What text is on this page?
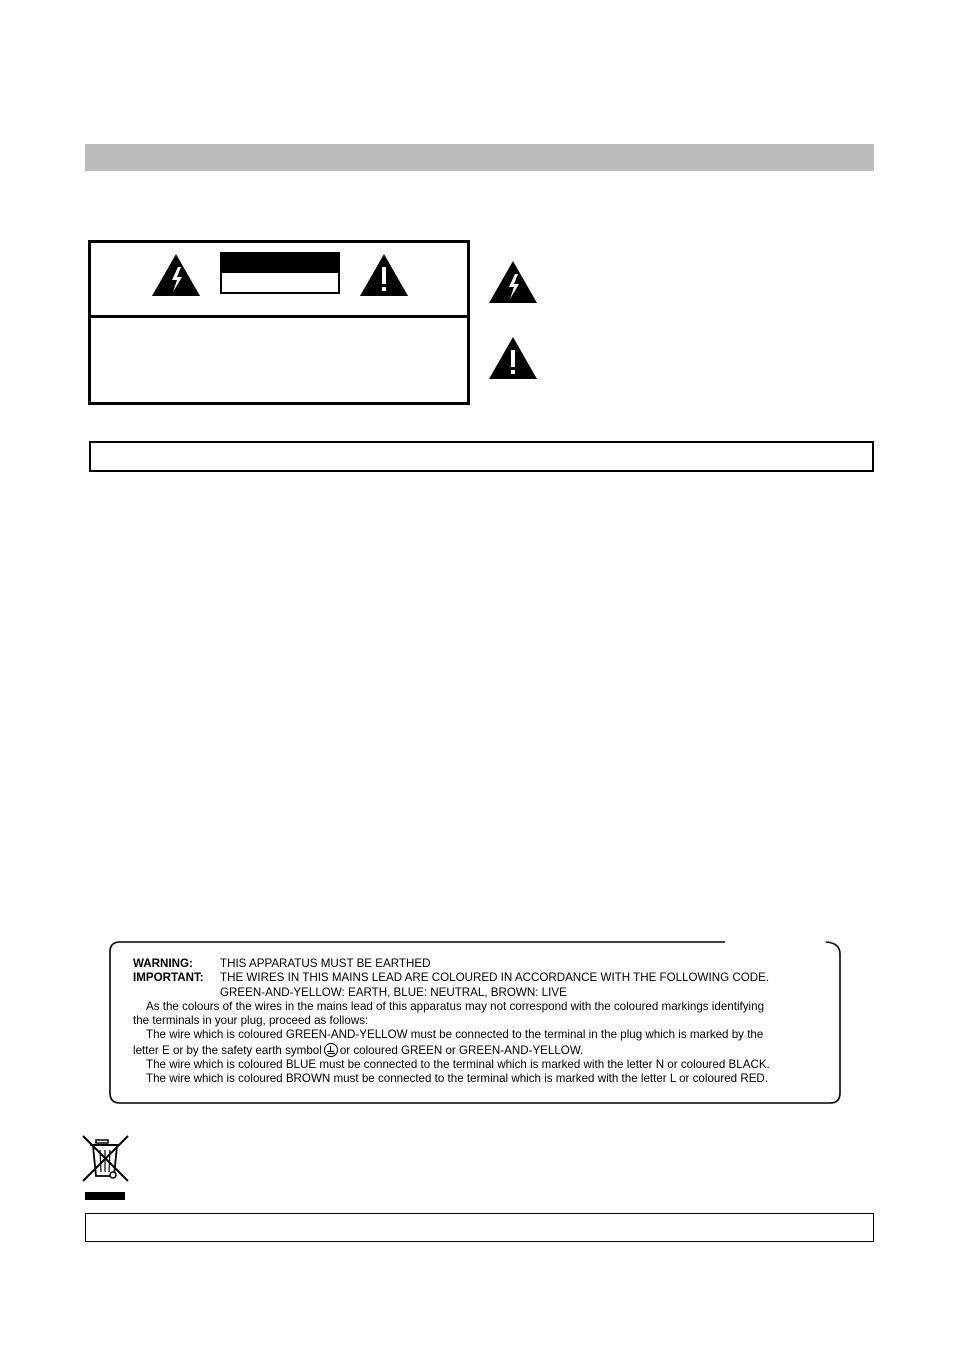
WARNING: THIS APPARATUS MUST BE EARTHED
IMPORTANT: THE WIRES IN THIS MAINS LEAD ARE COLOURED IN ACCORDANCE WITH THE FOLLOWING CODE.
GREEN-AND-YELLOW: EARTH, BLUE: NEUTRAL, BROWN: LIVE
As the colours of the wires in the mains lead of this apparatus may not correspond with the coloured markings identifying
the terminals in your plug, proceed as follows:
The wire which is coloured GREEN-AND-YELLOW must be connected to the terminal in the plug which is marked by the
letter E or by the safety earth symbol or coloured GREEN or GREEN-AND-YELLOW.
The wire which is coloured BLUE must be connected to the terminal which is marked with the letter N or coloured BLACK.
The wire which is coloured BROWN must be connected to the terminal which is marked with the letter L or coloured RED.
